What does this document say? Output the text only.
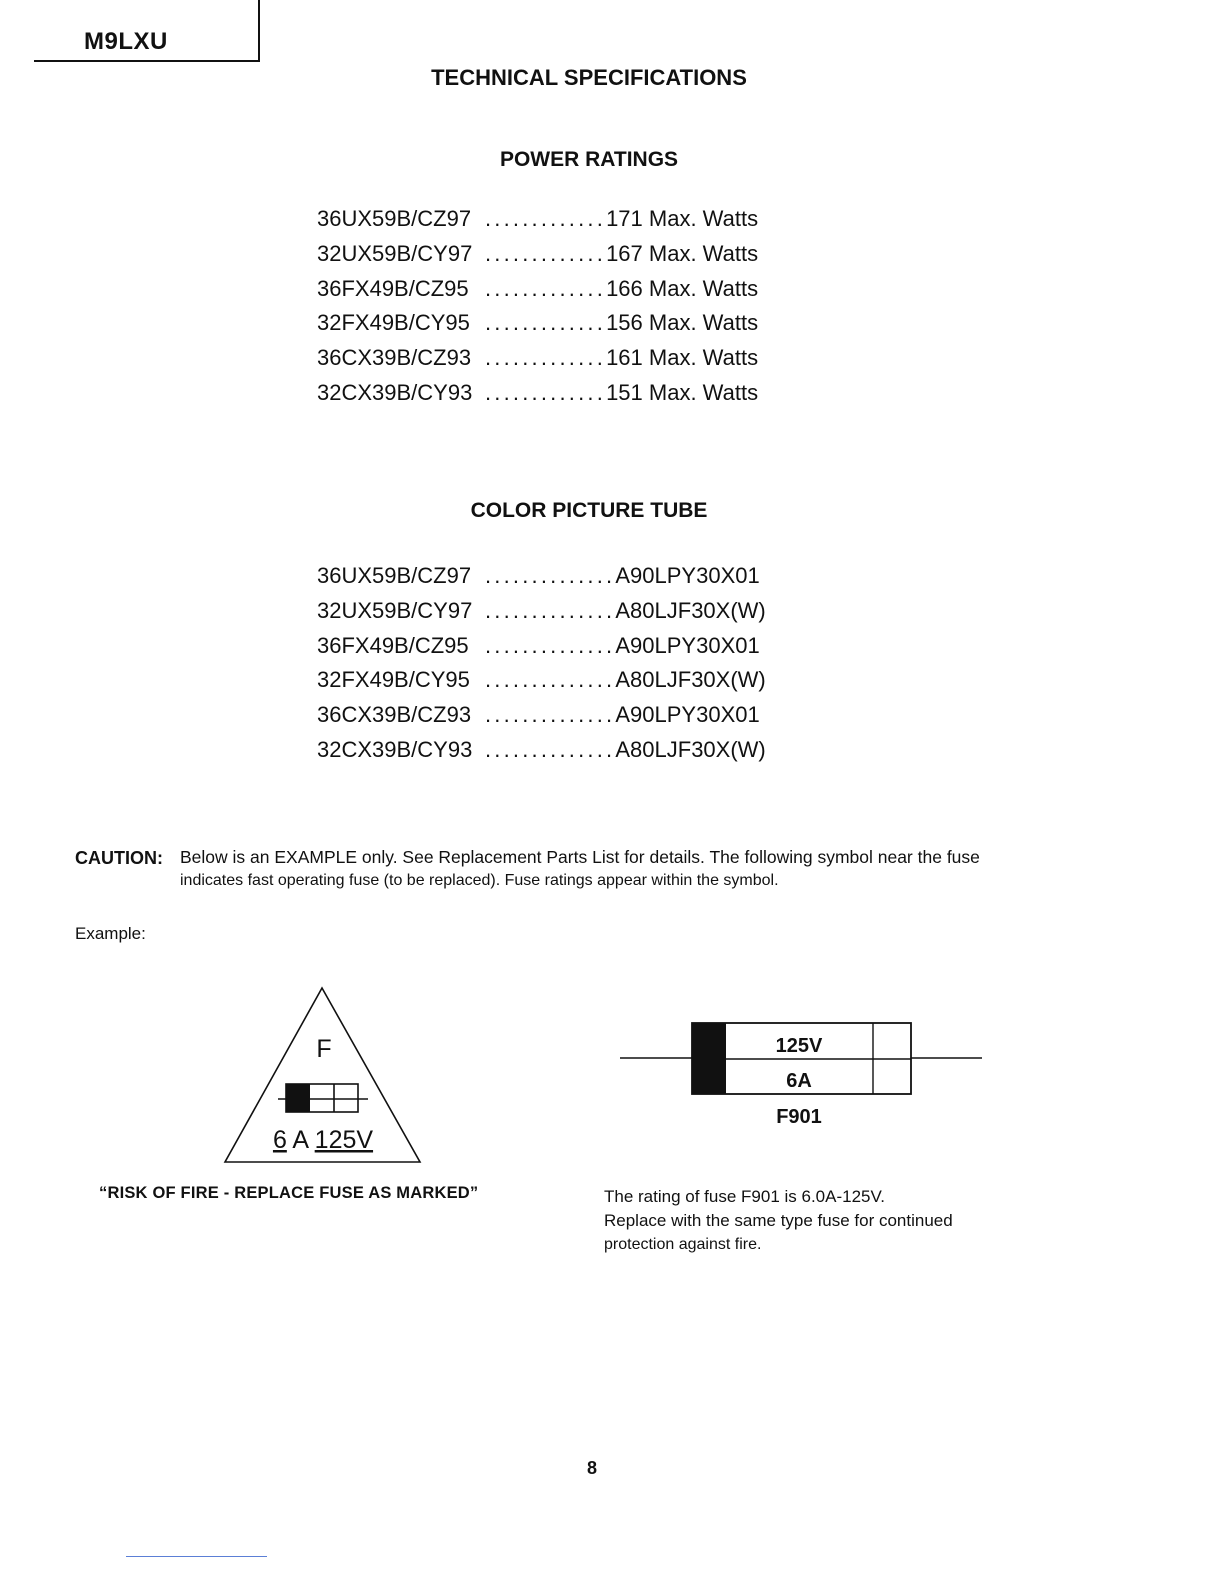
M9LXU
TECHNICAL SPECIFICATIONS
POWER RATINGS
36UX59B/CZ97 ............. 171 Max. Watts
32UX59B/CY97 ............. 167 Max. Watts
36FX49B/CZ95 ............. 166 Max. Watts
32FX49B/CY95 ............. 156 Max. Watts
36CX39B/CZ93 ............. 161 Max. Watts
32CX39B/CY93 ............. 151 Max. Watts
COLOR PICTURE TUBE
36UX59B/CZ97 .............. A90LPY30X01
32UX59B/CY97 .............. A80LJF30X(W)
36FX49B/CZ95 .............. A90LPY30X01
32FX49B/CY95 .............. A80LJF30X(W)
36CX39B/CZ93 .............. A90LPY30X01
32CX39B/CY93 .............. A80LJF30X(W)
CAUTION: Below is an EXAMPLE only. See Replacement Parts List for details. The following symbol near the fuse
indicates fast operating fuse (to be replaced). Fuse ratings appear within the symbol.
Example:
F
6 A 125V
“RISK OF FIRE - REPLACE FUSE AS MARKED”
125V
6A
F901
The rating of fuse F901 is 6.0A-125V.
Replace with the same type fuse for continued
protection against fire.
8
